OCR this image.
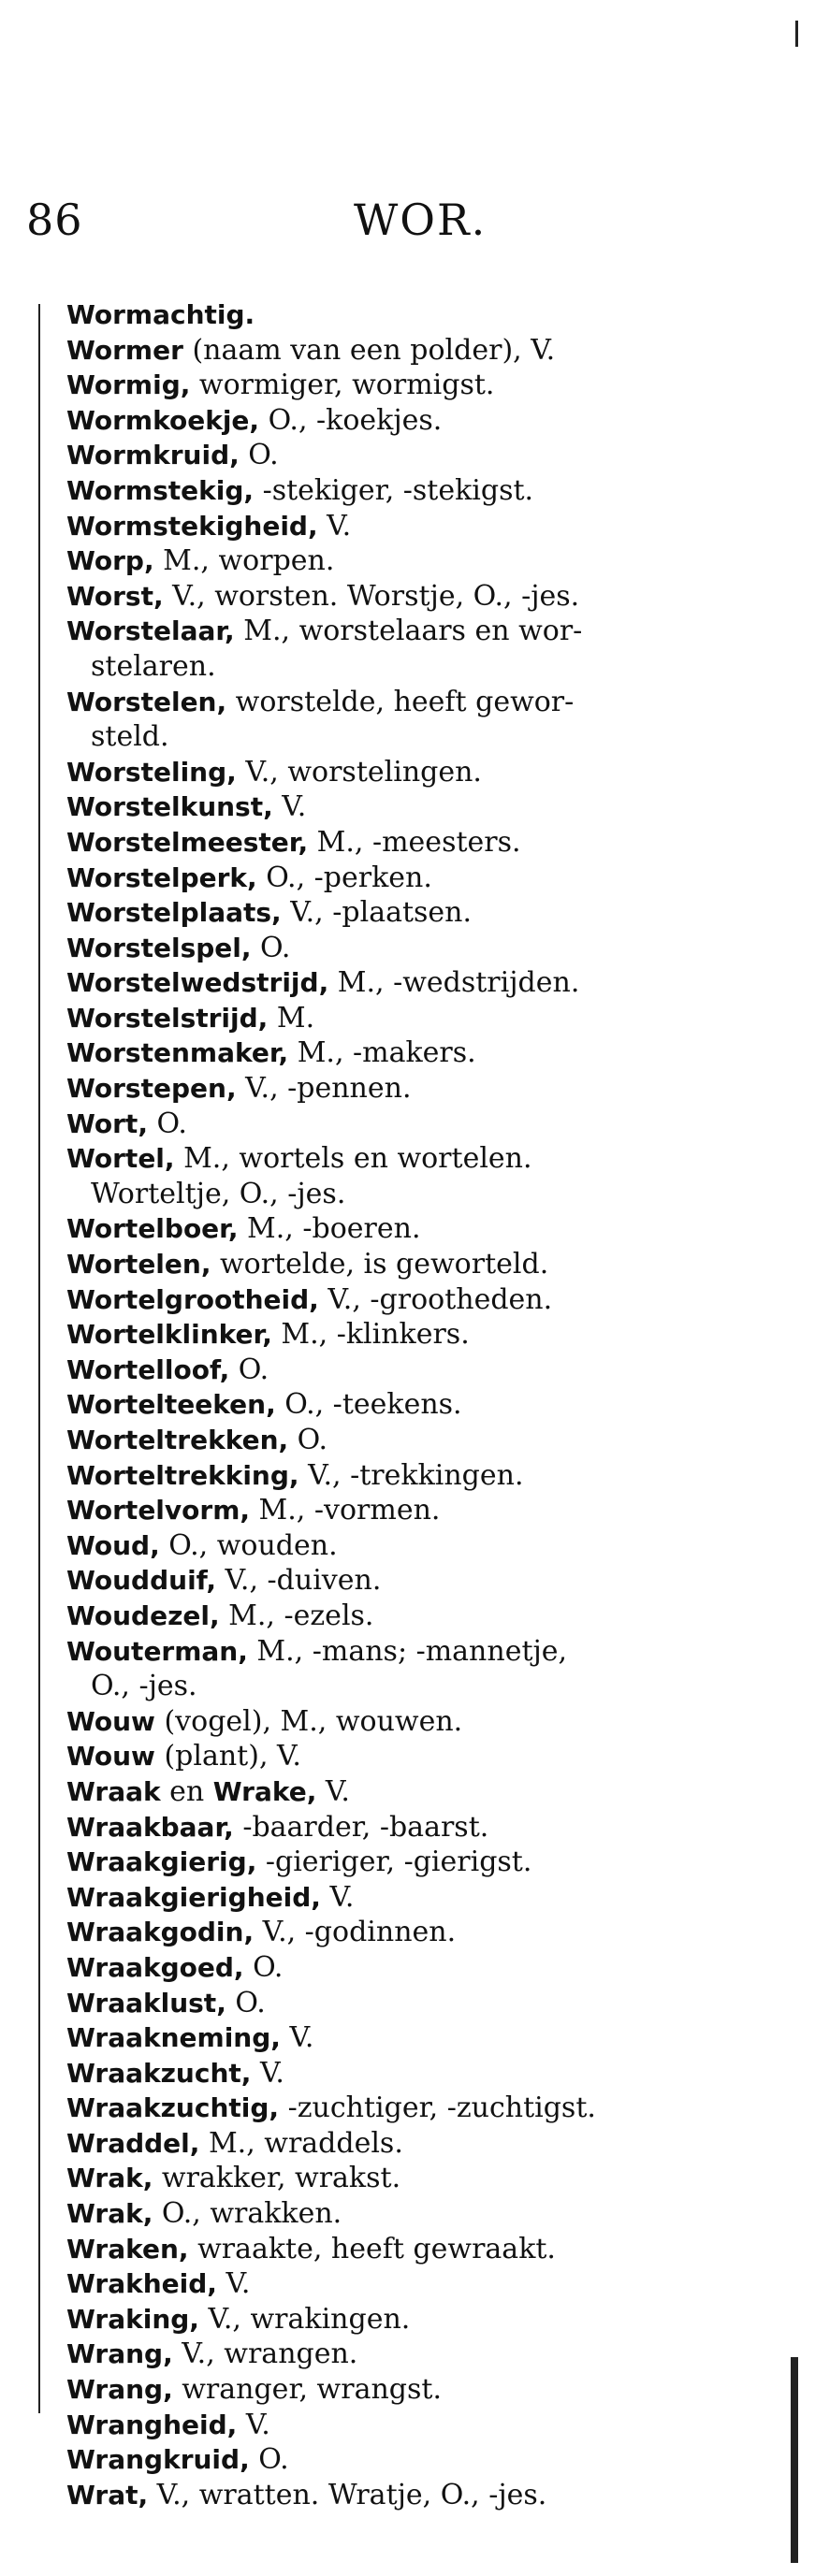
86	WOR.
Wormachtig.
Wormer (naam van een polder), V.
Wormig, wormiger, wormigst.
Wormkoekje, O., -koekjes.
Wormkruid, O.
Wormstekig, -stekiger, -stekigst.
Wormstekigheid, V.
Worp, M., worpen.
Worst, V., worsten. Worstje, O., -jes.
Worstelaar, M., worstelaars en wor-
stelaren.
Worstelen, worstelde, heeft gewor-
steld.
Worsteling, V., worstelingen.
Worstelkunst, V.
Worstelmeester, M., -meesters.
Worstelperk, O., -perken.
Worstelplaats, V., -plaatsen.
Worstelspel, O.
Worstelwedstrijd, M., -wedstrijden.
Worstelstrijd, M.
Worstenmaker, M., -makers.
Worstepen, V., -pennen.
Wort, O.
Wortel, M., wortels en wortelen.
Worteltje, O., -jes.
Wortelboer, M., -boeren.
Wortelen, wortelde, is geworteld.
Wortelgrootheid, V., -grootheden.
Wortelklinker, M., -klinkers.
Wortelloof, O.
Wortelteeken, O., -teekens.
Worteltrekken, O.
Worteltrekking, V., -trekkingen.
Wortelvorm, M., -vormen.
Woud, O., wouden.
Woudduif, V., -duiven.
Woudezel, M., -ezels.
Wouterman, M., -mans; -mannetje,
O., -jes.
Wouw (vogel), M., wouwen.
Wouw (plant), V.
Wraak en Wrake, V.
Wraakbaar, -baarder, -baarst.
Wraakgierig, -gieriger, -gierigst.
Wraakgierigheid, V.
Wraakgodin, V., -godinnen.
Wraakgoed, O.
Wraaklust, O.
Wraakneming, V.
Wraakzucht, V.
Wraakzuchtig, -zuchtiger, -zuchtigst.
Wraddel, M., wraddels.
Wrak, wrakker, wrakst.
Wrak, O., wrakken.
Wraken, wraakte, heeft gewraakt.
Wrakheid, V.
Wraking, V., wrakingen.
Wrang, V., wrangen.
Wrang, wranger, wrangst.
Wrangheid, V.
Wrangkruid, O.
Wrat, V., wratten. Wratje, O., -jes.
